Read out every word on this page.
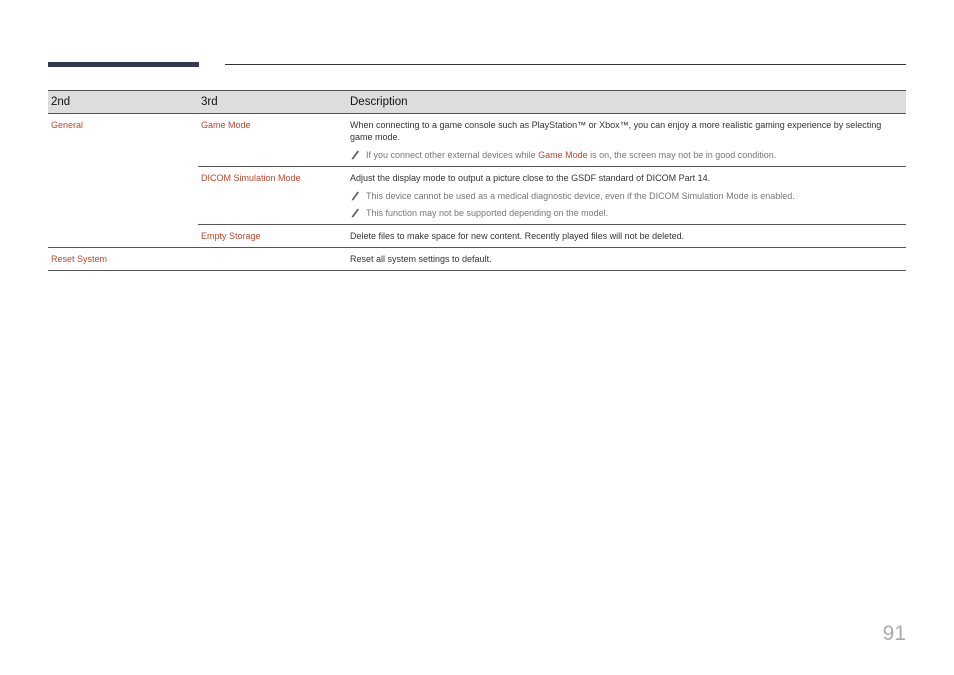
2nd	3rd	Description
General	Game Mode	When connecting to a game console such as PlayStation™ or Xbox™, you can enjoy a more realistic gaming experience by selecting game mode.
If you connect other external devices while Game Mode is on, the screen may not be in good condition.

	DICOM Simulation Mode	Adjust the display mode to output a picture close to the GSDF standard of DICOM Part 14.
This device cannot be used as a medical diagnostic device, even if the DICOM Simulation Mode is enabled.
This function may not be supported depending on the model.

	Empty Storage	Delete files to make space for new content. Recently played files will not be deleted.
Reset System		Reset all system settings to default.
91
